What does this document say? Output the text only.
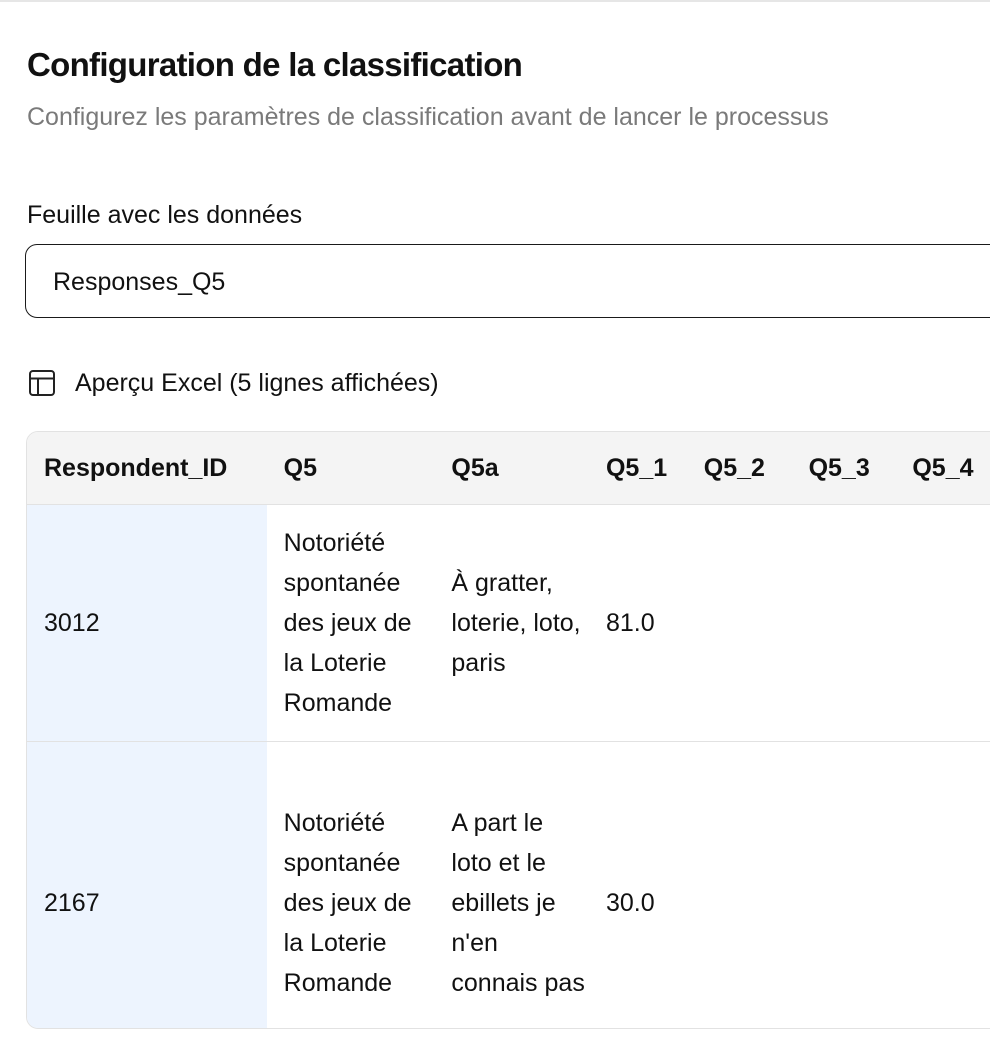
Configuration de la classification
Configurez les paramètres de classification avant de lancer le processus
Feuille avec les données
Responses_Q5
Aperçu Excel (5 lignes affichées)
Respondent_ID	Q5	Q5a	Q5_1	Q5_2	Q5_3	Q5_4
3012	Notoriété spontanée des jeux de la Loterie Romande	À gratter, loterie, loto, paris	81.0			
2167	Notoriété spontanée des jeux de la Loterie Romande	A part le loto et le ebillets je n'en connais pas	30.0			
